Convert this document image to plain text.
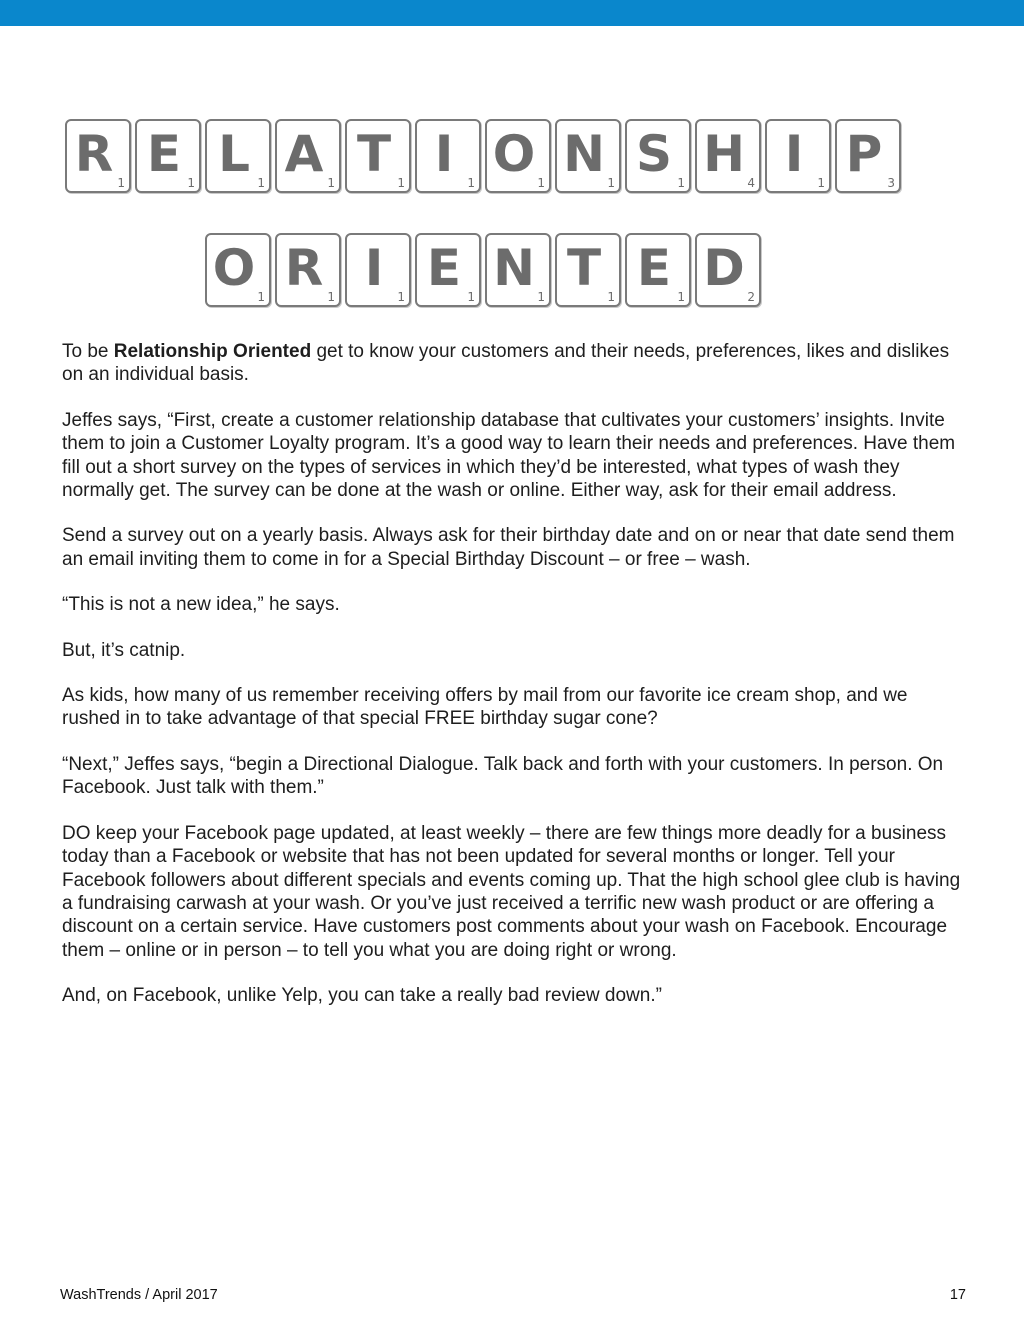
R 1 E 1 L 1 A 1 T 1 I	1 O 1 N 1 S 1 H 4 I	1 P 3
O 1 R 1 I	1 E 1 N 1 T 1 E 1 D 2

To be Relationship Oriented get to know your customers and their needs, preferences, likes and dislikes on an individual basis.

Jeffes says, “First, create a customer relationship database that cultivates your customers’ insights. Invite them to join a Customer Loyalty program. It’s a good way to learn their needs and preferences. Have them fill out a short survey on the types of services in which they’d be interested, what types of wash they normally get. The survey can be done at the wash or online. Either way, ask for their email address.

Send a survey out on a yearly basis. Always ask for their birthday date and on or near that date send them an email inviting them to come in for a Special Birthday Discount – or free – wash.

“This is not a new idea,” he says.

But, it’s catnip.

As kids, how many of us remember receiving offers by mail from our favorite ice cream shop, and we rushed in to take advantage of that special FREE birthday sugar cone?

“Next,” Jeffes says, “begin a Directional Dialogue. Talk back and forth with your customers. In person. On Facebook. Just talk with them.”

DO keep your Facebook page updated, at least weekly – there are few things more deadly for a business today than a Facebook or website that has not been updated for several months or longer. Tell your Facebook followers about different specials and events coming up. That the high school glee club is having a fundraising carwash at your wash. Or you’ve just received a terrific new wash product or are offering a discount on a certain service. Have customers post comments about your wash on Facebook. Encourage them – online or in person – to tell you what you are doing right or wrong.

And, on Facebook, unlike Yelp, you can take a really bad review down.”

WashTrends / April 2017	17
